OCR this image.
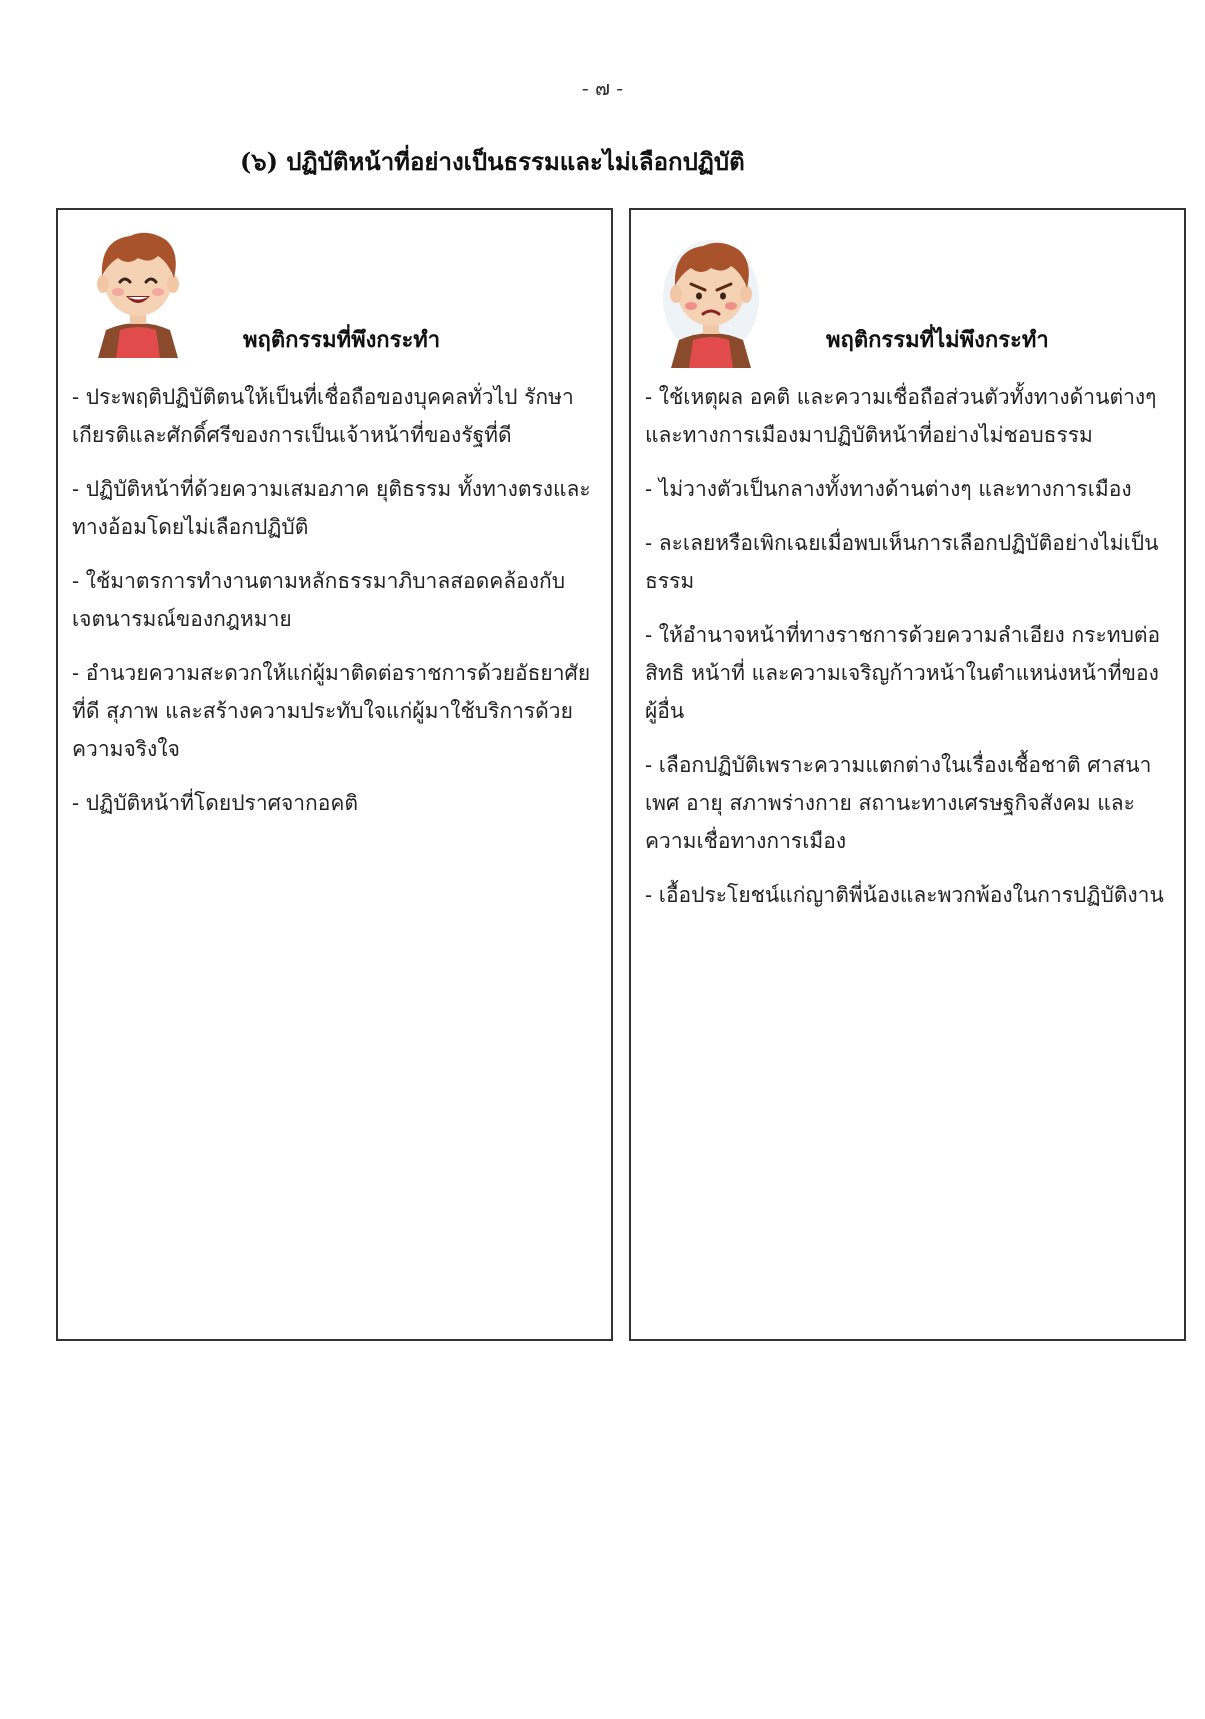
- ๗ -
(๖) ปฏิบัติหน้าที่อย่างเป็นธรรมและไม่เลือกปฏิบัติ
พฤติกรรมที่พึงกระทำ
- ประพฤติปฏิบัติตนให้เป็นที่เชื่อถือของบุคคลทั่วไป รักษาเกียรติและศักดิ์ศรีของการเป็นเจ้าหน้าที่ของรัฐที่ดี
- ปฏิบัติหน้าที่ด้วยความเสมอภาค ยุติธรรม ทั้งทางตรงและทางอ้อมโดยไม่เลือกปฏิบัติ
- ใช้มาตรการทำงานตามหลักธรรมาภิบาลสอดคล้องกับเจตนารมณ์ของกฎหมาย
- อำนวยความสะดวกให้แก่ผู้มาติดต่อราชการด้วยอัธยาศัยที่ดี สุภาพ และสร้างความประทับใจแก่ผู้มาใช้บริการด้วยความจริงใจ
- ปฏิบัติหน้าที่โดยปราศจากอคติ
พฤติกรรมที่ไม่พึงกระทำ
- ใช้เหตุผล อคติ และความเชื่อถือส่วนตัวทั้งทางด้านต่างๆ และทางการเมืองมาปฏิบัติหน้าที่อย่างไม่ชอบธรรม
- ไม่วางตัวเป็นกลางทั้งทางด้านต่างๆ และทางการเมือง
- ละเลยหรือเพิกเฉยเมื่อพบเห็นการเลือกปฏิบัติอย่างไม่เป็นธรรม
- ให้อำนาจหน้าที่ทางราชการด้วยความลำเอียง กระทบต่อสิทธิ หน้าที่ และความเจริญก้าวหน้าในตำแหน่งหน้าที่ของผู้อื่น
- เลือกปฏิบัติเพราะความแตกต่างในเรื่องเชื้อชาติ ศาสนา เพศ อายุ สภาพร่างกาย สถานะทางเศรษฐกิจสังคม และความเชื่อทางการเมือง
- เอื้อประโยชน์แก่ญาติพี่น้องและพวกพ้องในการปฏิบัติงาน
